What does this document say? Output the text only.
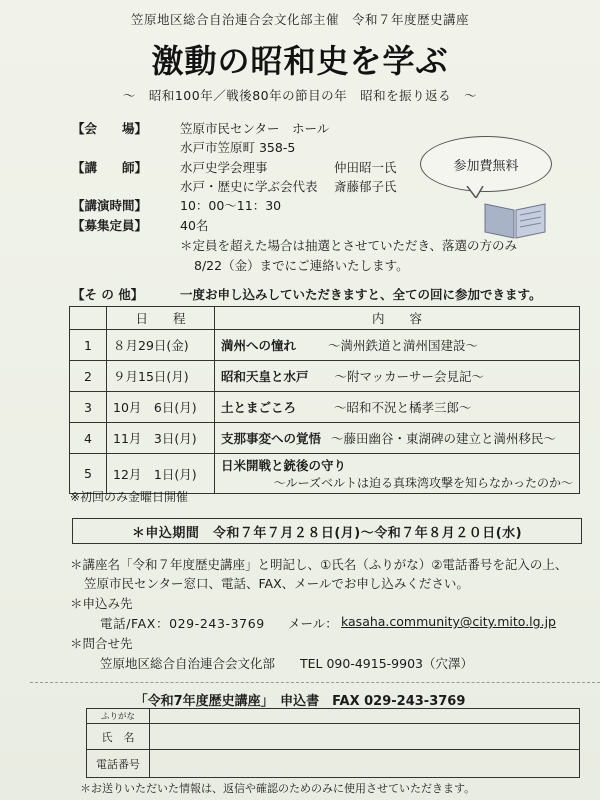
笠原地区総合自治連合会文化部主催　令和７年度歴史講座
激動の昭和史を学ぶ
～　昭和100年／戦後80年の節目の年　昭和を振り返る　～
【会　　場】	笠原市民センター　ホール
水戸市笠原町 358-5
【講　　師】	水戸史学会理事	仲田昭一氏
水戸・歴史に学ぶ会代表 斎藤郁子氏
【講演時間】	10：00～11：30
【募集定員】	40名
＊定員を超えた場合は抽選とさせていただき、落選の方のみ
8/22（金）までにご連絡いたします。
【そ の 他】	一度お申し込みしていただきますと、全ての回に参加できます。
参加費無料
	日　　程	内　　容
1	８月29日(金)	満州への憧れ ～満州鉄道と満州国建設～
2	９月15日(月)	昭和天皇と水戸 ～附マッカーサー会見記～
3	10月　6日(月)	土とまごころ ～昭和不況と橘孝三郎～
4	11月　3日(月)	支那事変への覚悟 ～藤田幽谷・東湖碑の建立と満州移民～
5	12月　1日(月)	日米開戦と銃後の守り
～ルーズベルトは迫る真珠湾攻撃を知らなかったのか～
※初回のみ金曜日開催
＊申込期間　令和７年７月２８日(月)～令和７年８月２０日(水)
＊講座名「令和７年度歴史講座」と明記し、①氏名（ふりがな）②電話番号を記入の上、
笠原市民センター窓口、電話、FAX、メールでお申し込みください。
＊申込み先
電話/FAX：029-243-3769 メール： kasaha.community@city.mito.lg.jp
＊問合せ先
笠原地区総合自治連合会文化部　　TEL 090-4915-9903（穴澤）
「令和7年度歴史講座」　申込書　FAX 029-243-3769
ふりがな	
氏　名	
電話番号	
＊お送りいただいた情報は、返信や確認のためのみに使用させていただきます。
